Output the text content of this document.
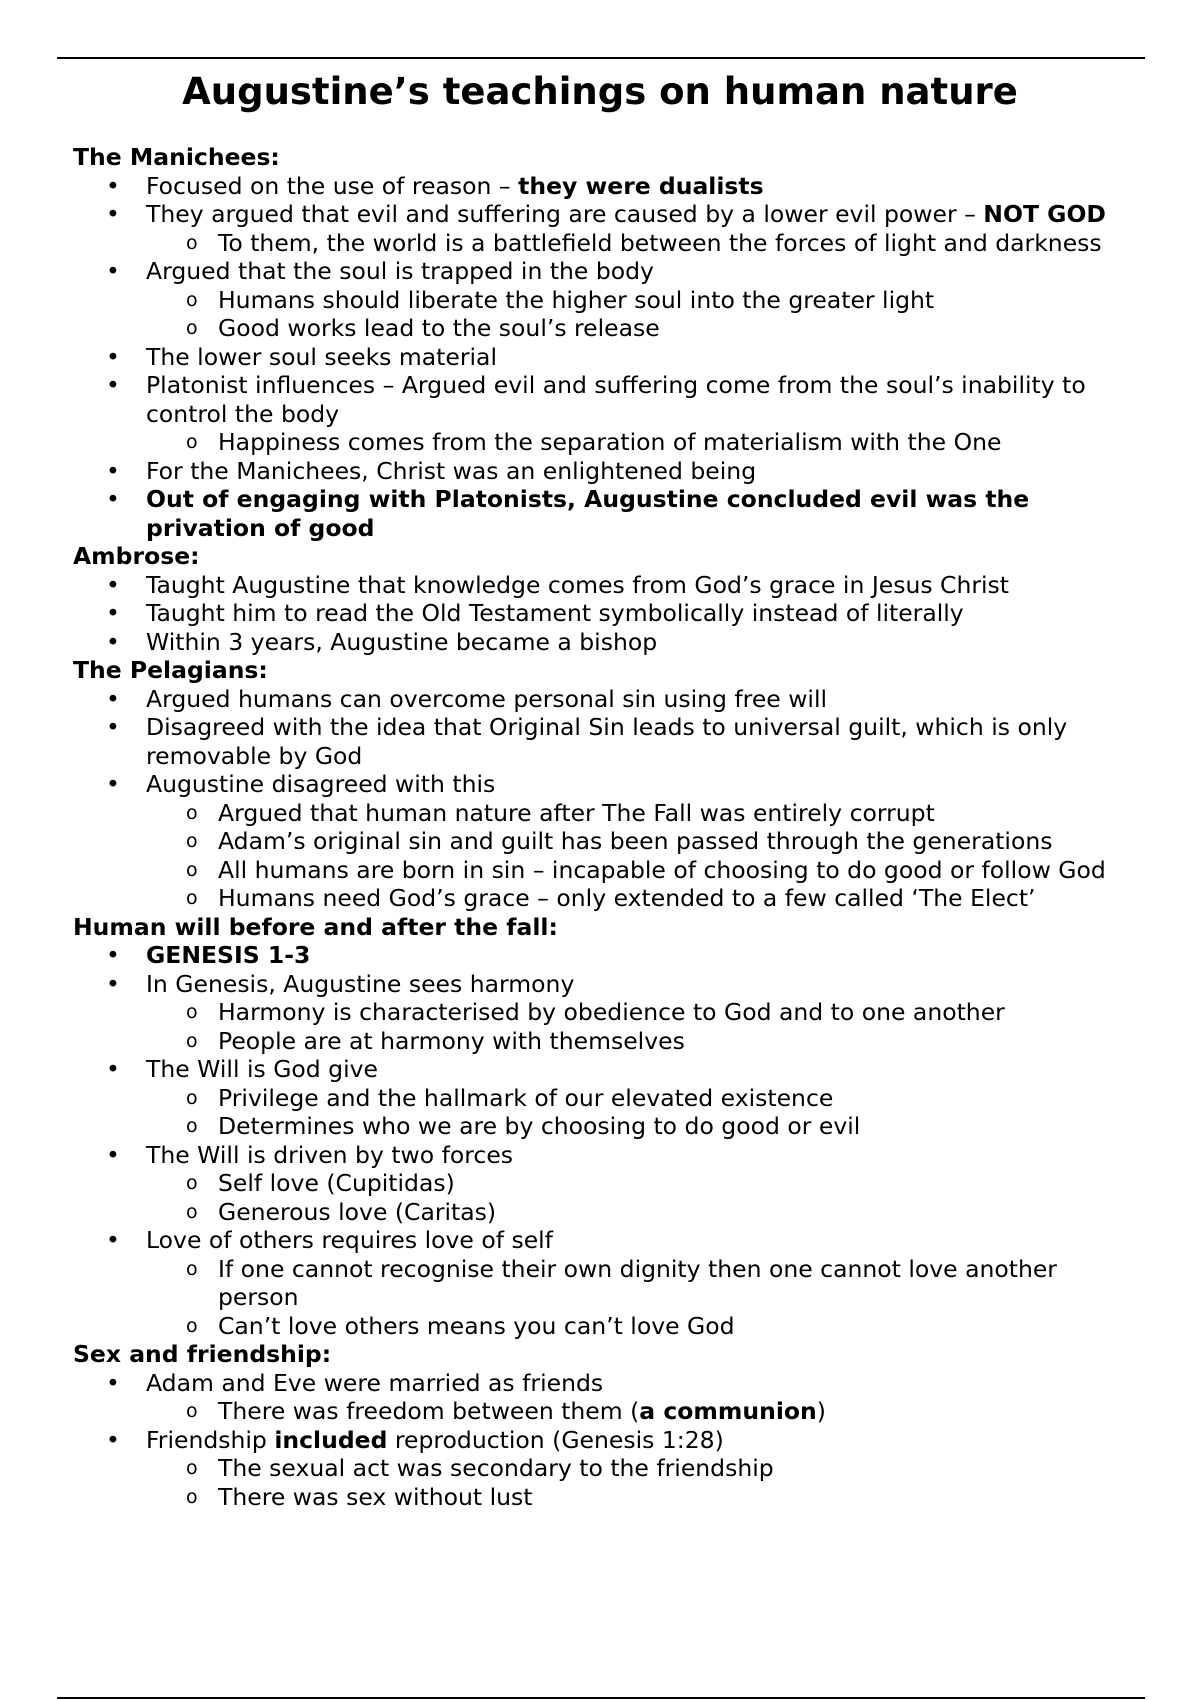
Augustine’s teachings on human nature
The Manichees:
• Focused on the use of reason – they were dualists
• They argued that evil and suffering are caused by a lower evil power – NOT GOD
o To them, the world is a battlefield between the forces of light and darkness
• Argued that the soul is trapped in the body
o Humans should liberate the higher soul into the greater light
o Good works lead to the soul’s release
• The lower soul seeks material
• Platonist influences – Argued evil and suffering come from the soul’s inability to control the body
o Happiness comes from the separation of materialism with the One
• For the Manichees, Christ was an enlightened being
• Out of engaging with Platonists, Augustine concluded evil was the privation of good
Ambrose:
• Taught Augustine that knowledge comes from God’s grace in Jesus Christ
• Taught him to read the Old Testament symbolically instead of literally
• Within 3 years, Augustine became a bishop
The Pelagians:
• Argued humans can overcome personal sin using free will
• Disagreed with the idea that Original Sin leads to universal guilt, which is only removable by God
• Augustine disagreed with this
o Argued that human nature after The Fall was entirely corrupt
o Adam’s original sin and guilt has been passed through the generations
o All humans are born in sin – incapable of choosing to do good or follow God
o Humans need God’s grace – only extended to a few called ‘The Elect’
Human will before and after the fall:
• GENESIS 1-3
• In Genesis, Augustine sees harmony
o Harmony is characterised by obedience to God and to one another
o People are at harmony with themselves
• The Will is God give
o Privilege and the hallmark of our elevated existence
o Determines who we are by choosing to do good or evil
• The Will is driven by two forces
o Self love (Cupitidas)
o Generous love (Caritas)
• Love of others requires love of self
o If one cannot recognise their own dignity then one cannot love another person
o Can’t love others means you can’t love God
Sex and friendship:
• Adam and Eve were married as friends
o There was freedom between them (a communion)
• Friendship included reproduction (Genesis 1:28)
o The sexual act was secondary to the friendship
o There was sex without lust
